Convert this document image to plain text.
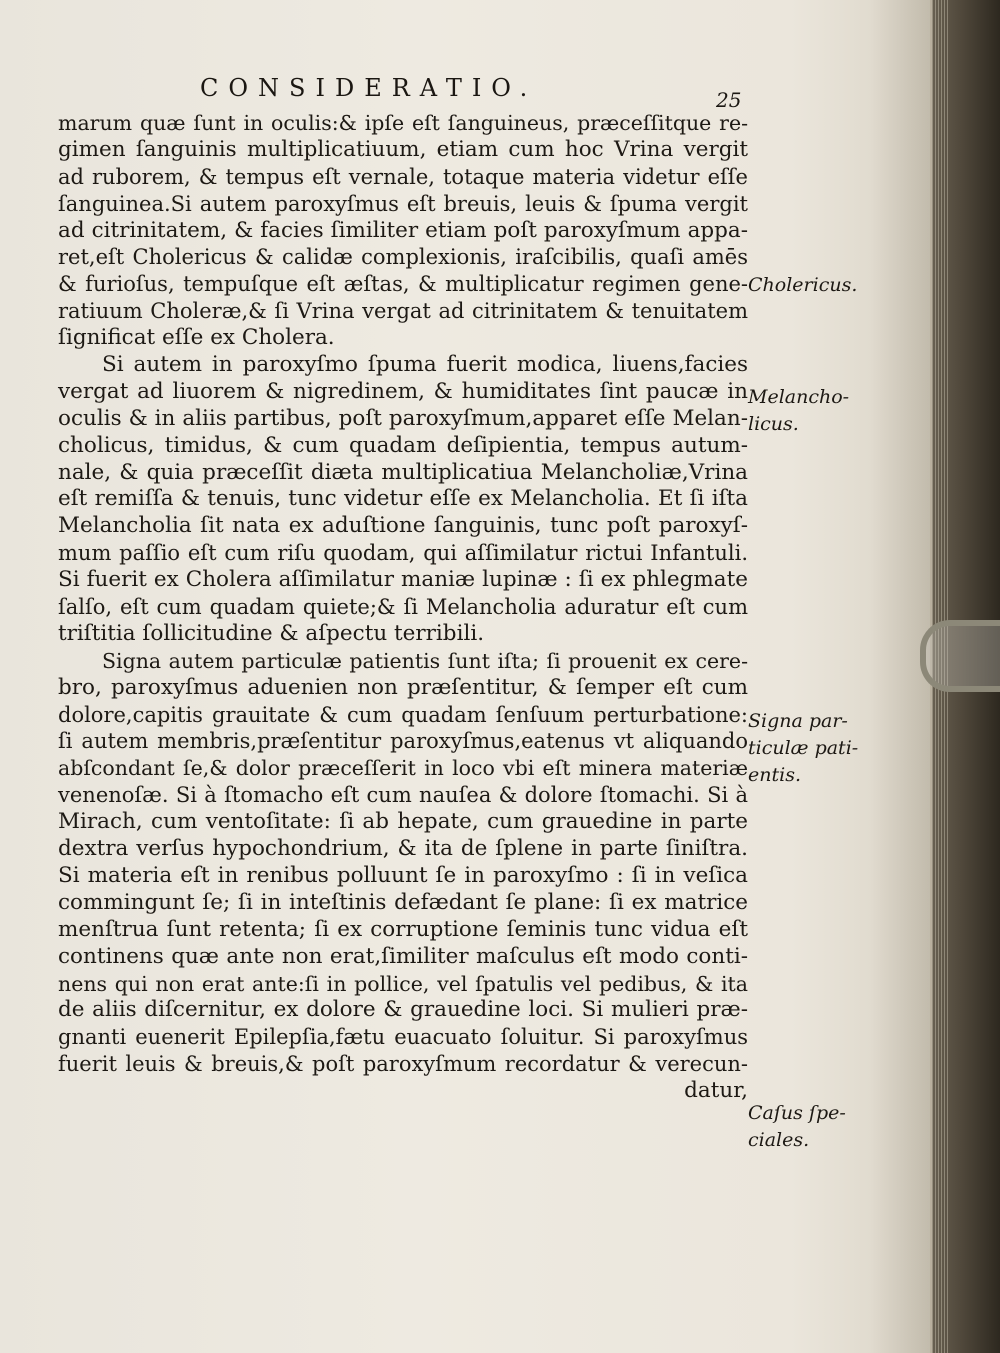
CONSIDERATIO.	25
marum quæ ſunt in oculis:& ipſe eſt ſanguineus, præceſſitque re-
gimen ſanguinis multiplicatiuum, etiam cum hoc Vrina vergit
ad ruborem, & tempus eſt vernale, totaque materia videtur eſſe
ſanguinea.Si autem paroxyſmus eſt breuis, leuis & ſpuma vergit
ad citrinitatem, & facies ſimiliter etiam poſt paroxyſmum appa-
ret,eſt Cholericus & calidæ complexionis, iraſcibilis, quaſi amēs
& furioſus, tempuſque eſt æſtas, & multiplicatur regimen gene-
ratiuum Choleræ,& ſi Vrina vergat ad citrinitatem & tenuitatem
ſignificat eſſe ex Cholera.
Si autem in paroxyſmo ſpuma fuerit modica, liuens,facies
vergat ad liuorem & nigredinem, & humiditates ſint paucæ in
oculis & in aliis partibus, poſt paroxyſmum,apparet eſſe Melan-
cholicus, timidus, & cum quadam deſipientia, tempus autum-
nale, & quia præceſſit diæta multiplicatiua Melancholiæ,Vrina
eſt remiſſa & tenuis, tunc videtur eſſe ex Melancholia. Et ſi iſta
Melancholia ſit nata ex aduſtione ſanguinis, tunc poſt paroxyſ-
mum paſſio eſt cum riſu quodam, qui aſſimilatur rictui Infantuli.
Si fuerit ex Cholera aſſimilatur maniæ lupinæ : ſi ex phlegmate
ſalſo, eſt cum quadam quiete;& ſi Melancholia aduratur eſt cum
triſtitia ſollicitudine & aſpectu terribili.
Signa autem particulæ patientis ſunt iſta; ſi prouenit ex cere-
bro, paroxyſmus aduenien non præſentitur, & ſemper eſt cum
dolore,capitis grauitate & cum quadam ſenſuum perturbatione:
ſi autem membris,præſentitur paroxyſmus,eatenus vt aliquando
abſcondant ſe,& dolor præceſſerit in loco vbi eſt minera materiæ
venenoſæ. Si à ſtomacho eſt cum nauſea & dolore ſtomachi. Si à
Mirach, cum ventoſitate: ſi ab hepate, cum grauedine in parte
dextra verſus hypochondrium, & ita de ſplene in parte ſiniſtra.
Si materia eſt in renibus polluunt ſe in paroxyſmo : ſi in veſica
commingunt ſe; ſi in inteſtinis defædant ſe plane: ſi ex matrice
menſtrua ſunt retenta; ſi ex corruptione ſeminis tunc vidua eſt
continens quæ ante non erat,ſimiliter maſculus eſt modo conti-
nens qui non erat ante:ſi in pollice, vel ſpatulis vel pedibus, & ita
de aliis diſcernitur, ex dolore & grauedine loci. Si mulieri præ-
gnanti euenerit Epilepſia,fætu euacuato ſoluitur. Si paroxyſmus
fuerit leuis & breuis,& poſt paroxyſmum recordatur & verecun-
datur,
Cholericus.
Melancho-
licus.
Signa par-
ticulæ pati-
entis.
Caſus ſpe-
ciales.
